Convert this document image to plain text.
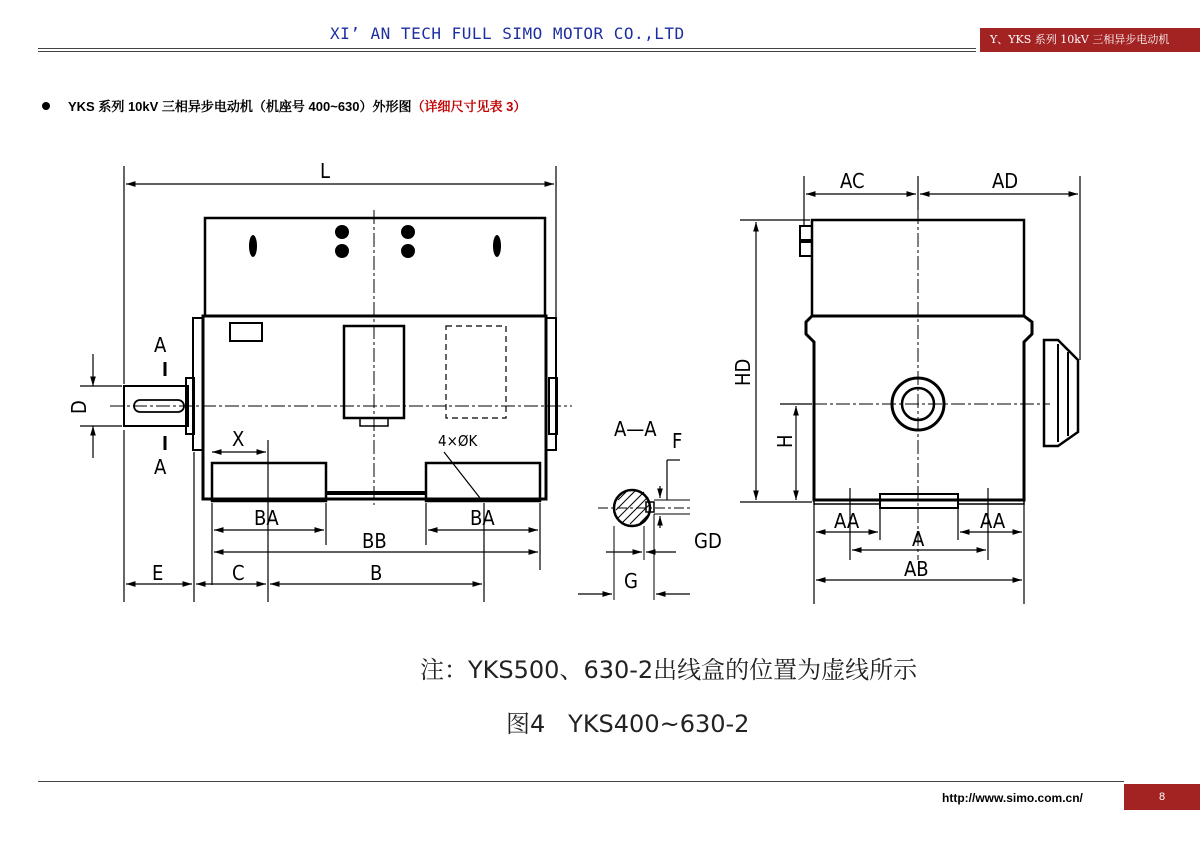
XI’ AN TECH FULL SIMO MOTOR CO.,LTD	Y、YKS 系列 10kV 三相异步电动机
YKS 系列 10kV 三相异步电动机（机座号 400~630）外形图（详细尺寸见表 3）
L
A
A
D
X	4×ØK
BA	BA
BB
E	C	B
A—A F
GD
G
AC	AD
HD
H
AA	AA
A
AB
注：YKS500、630-2出线盒的位置为虚线所示
图4   YKS400~630-2
http://www.simo.com.cn/	8
